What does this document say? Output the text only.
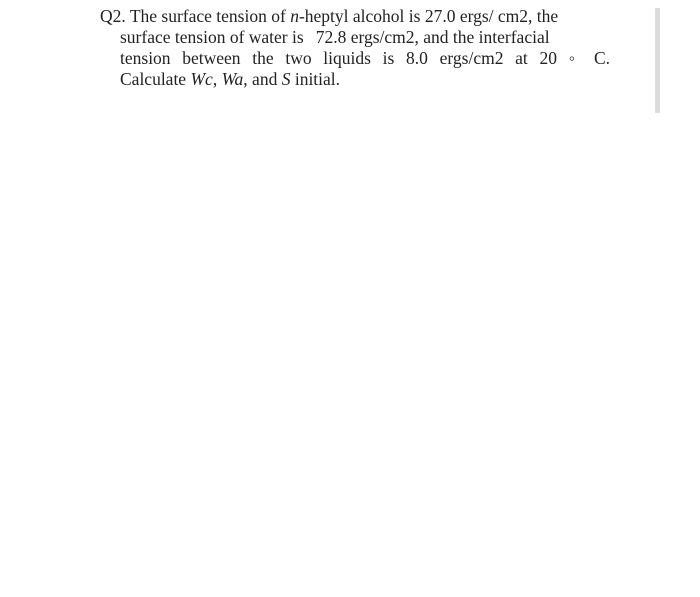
Q2. The surface tension of n-heptyl alcohol is 27.0 ergs/ cm2, the
surface tension of water is 72.8 ergs/cm2, and the interfacial
tension between the two liquids is 8.0 ergs/cm2 at 20 ◦ C.
Calculate Wc, Wa, and S initial.
